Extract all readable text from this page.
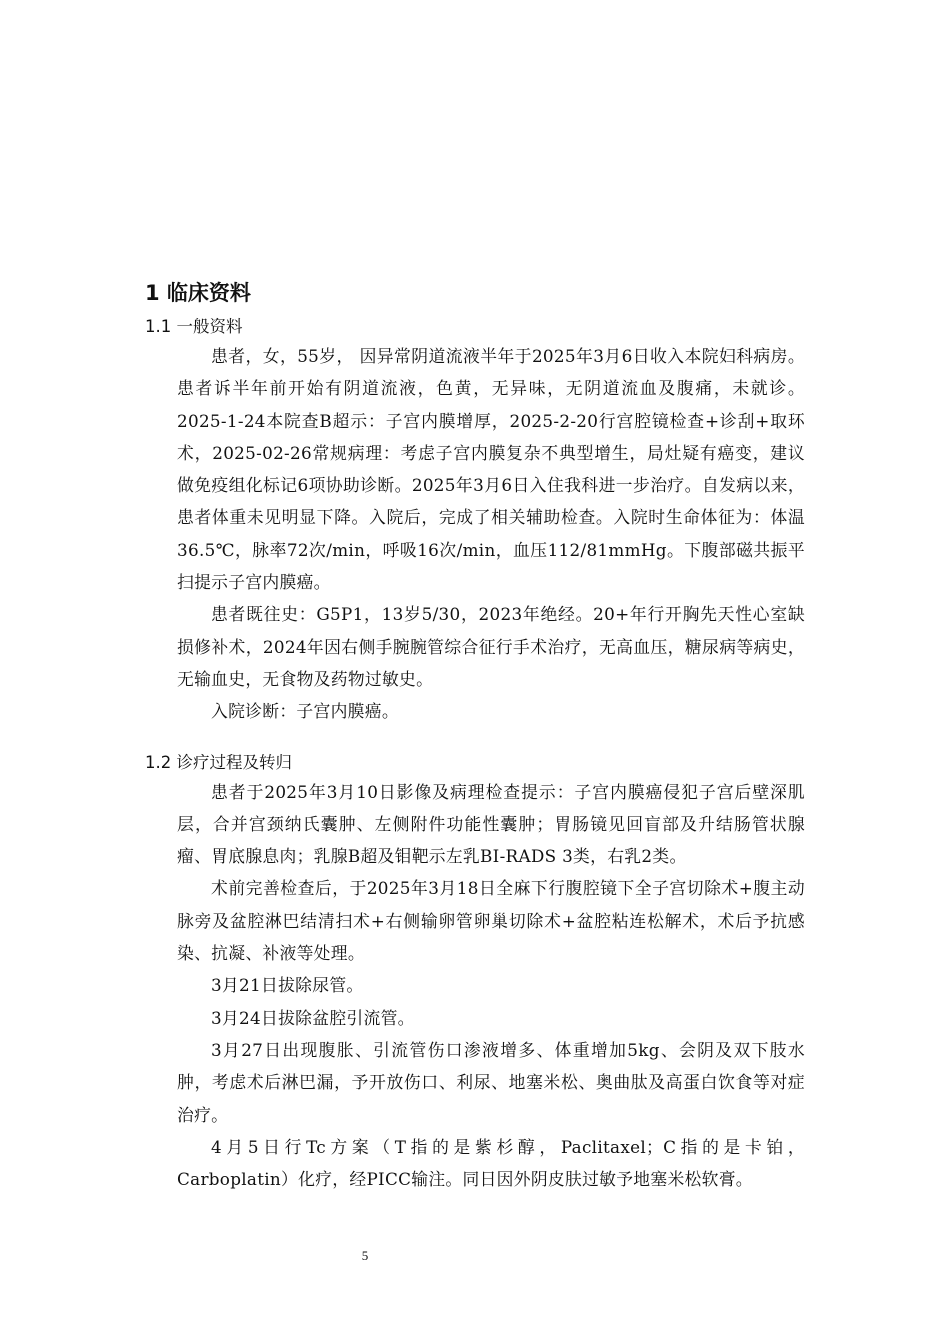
1 临床资料
1.1 一般资料

患者，女，55岁， 因异常阴道流液半年于2025年3月6日收入本院妇科病房。患者诉半年前开始有阴道流液，色黄，无异味，无阴道流血及腹痛，未就诊。2025-1-24本院查B超示：子宫内膜增厚，2025-2-20行宫腔镜检查+诊刮+取环术，2025-02-26常规病理：考虑子宫内膜复杂不典型增生，局灶疑有癌变，建议做免疫组化标记6项协助诊断。2025年3月6日入住我科进一步治疗。自发病以来，患者体重未见明显下降。入院后，完成了相关辅助检查。入院时生命体征为：体温36.5℃，脉率72次/min，呼吸16次/min，血压112/81mmHg。下腹部磁共振平扫提示子宫内膜癌。

患者既往史：G5P1，13岁5/30，2023年绝经。20+年行开胸先天性心室缺损修补术，2024年因右侧手腕腕管综合征行手术治疗，无高血压，糖尿病等病史，无输血史，无食物及药物过敏史。

入院诊断：子宫内膜癌。

1.2 诊疗过程及转归

患者于2025年3月10日影像及病理检查提示：子宫内膜癌侵犯子宫后壁深肌层，合并宫颈纳氏囊肿、左侧附件功能性囊肿；胃肠镜见回盲部及升结肠管状腺瘤、胃底腺息肉；乳腺B超及钼靶示左乳BI-RADS 3类，右乳2类。

术前完善检查后，于2025年3月18日全麻下行腹腔镜下全子宫切除术+腹主动脉旁及盆腔淋巴结清扫术+右侧输卵管卵巢切除术+盆腔粘连松解术，术后予抗感染、抗凝、补液等处理。

3月21日拔除尿管。

3月24日拔除盆腔引流管。

3月27日出现腹胀、引流管伤口渗液增多、体重增加5kg、会阴及双下肢水肿，考虑术后淋巴漏，予开放伤口、利尿、地塞米松、奥曲肽及高蛋白饮食等对症治疗。

4月5日行Tc方案（T指的是紫杉醇，Paclitaxel；C指的是卡铂，Carboplatin）化疗，经PICC输注。同日因外阴皮肤过敏予地塞米松软膏。

5
